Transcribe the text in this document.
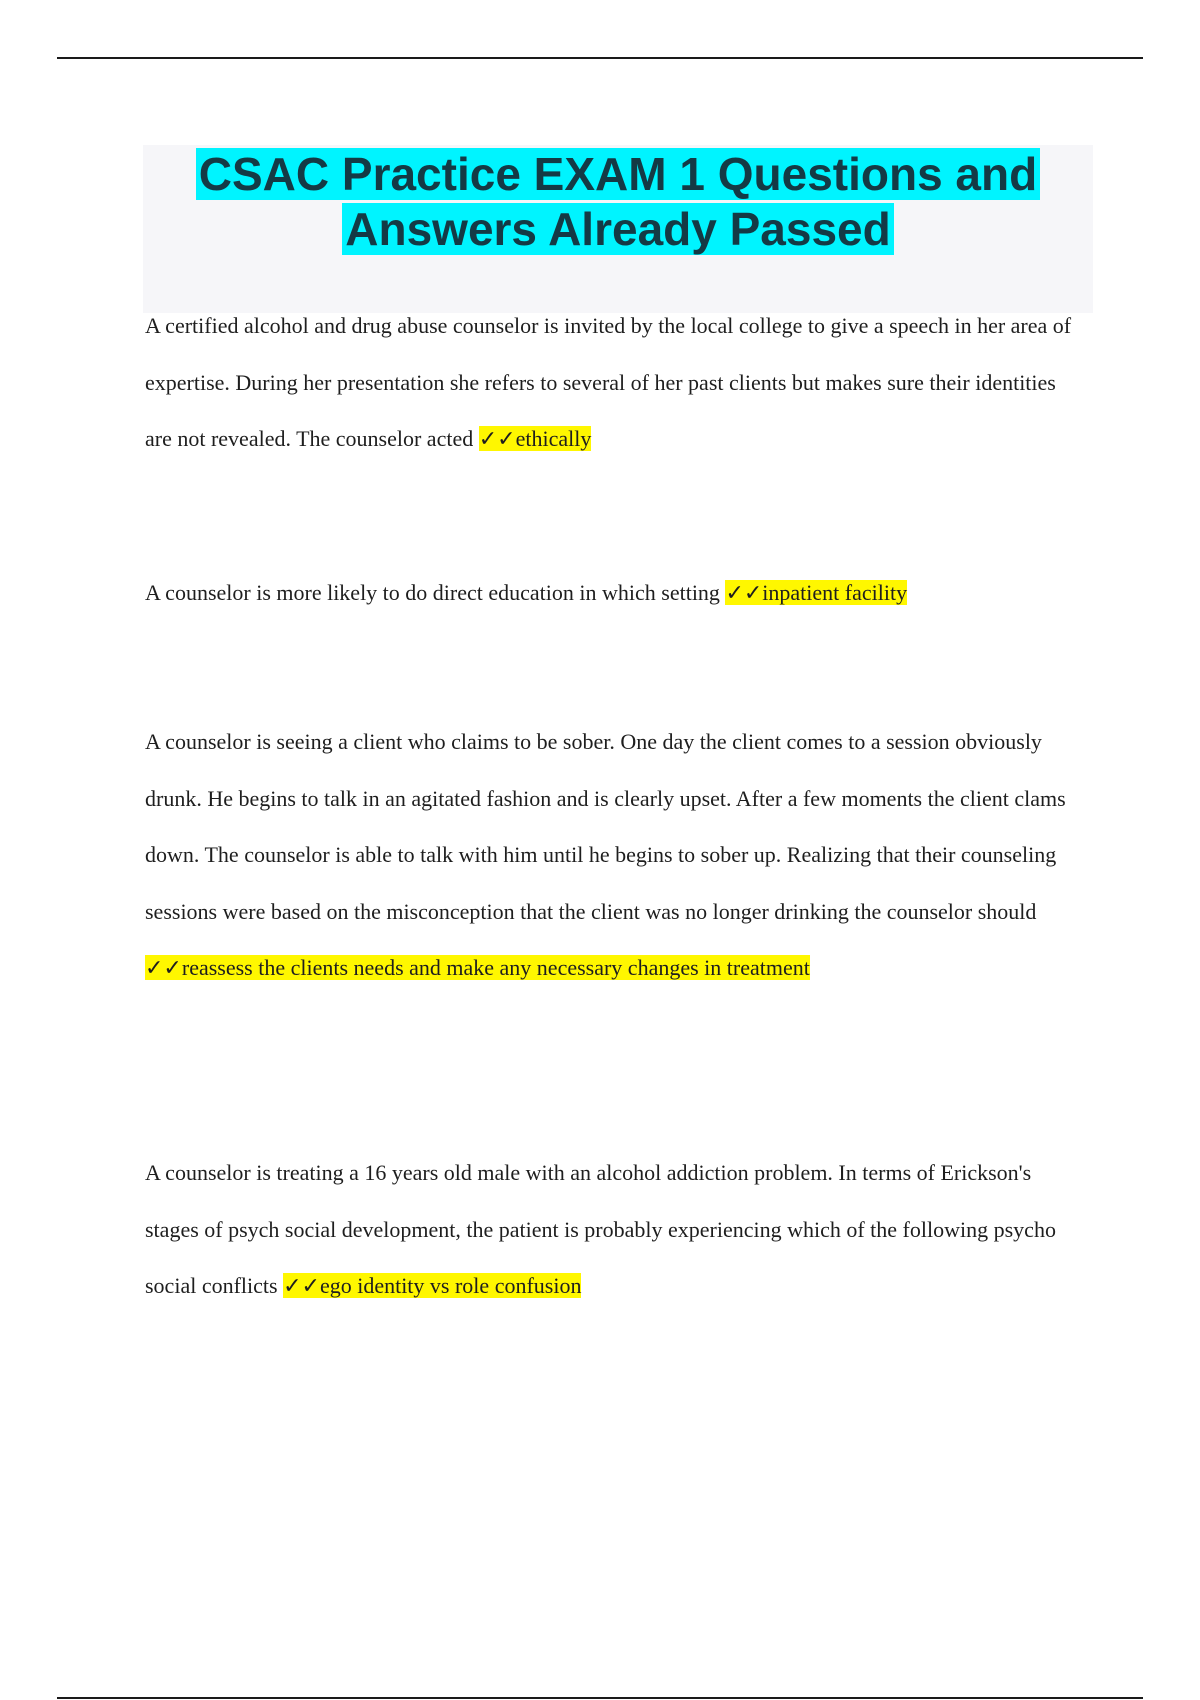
CSAC Practice EXAM 1 Questions and
Answers Already Passed

A certified alcohol and drug abuse counselor is invited by the local college to give a speech in her area of expertise. During her presentation she refers to several of her past clients but makes sure their identities are not revealed. The counselor acted ✓✓ethically

A counselor is more likely to do direct education in which setting ✓✓inpatient facility

A counselor is seeing a client who claims to be sober. One day the client comes to a session obviously drunk. He begins to talk in an agitated fashion and is clearly upset. After a few moments the client clams down. The counselor is able to talk with him until he begins to sober up. Realizing that their counseling sessions were based on the misconception that the client was no longer drinking the counselor should ✓✓reassess the clients needs and make any necessary changes in treatment

A counselor is treating a 16 years old male with an alcohol addiction problem. In terms of Erickson's stages of psych social development, the patient is probably experiencing which of the following psycho social conflicts ✓✓ego identity vs role confusion
